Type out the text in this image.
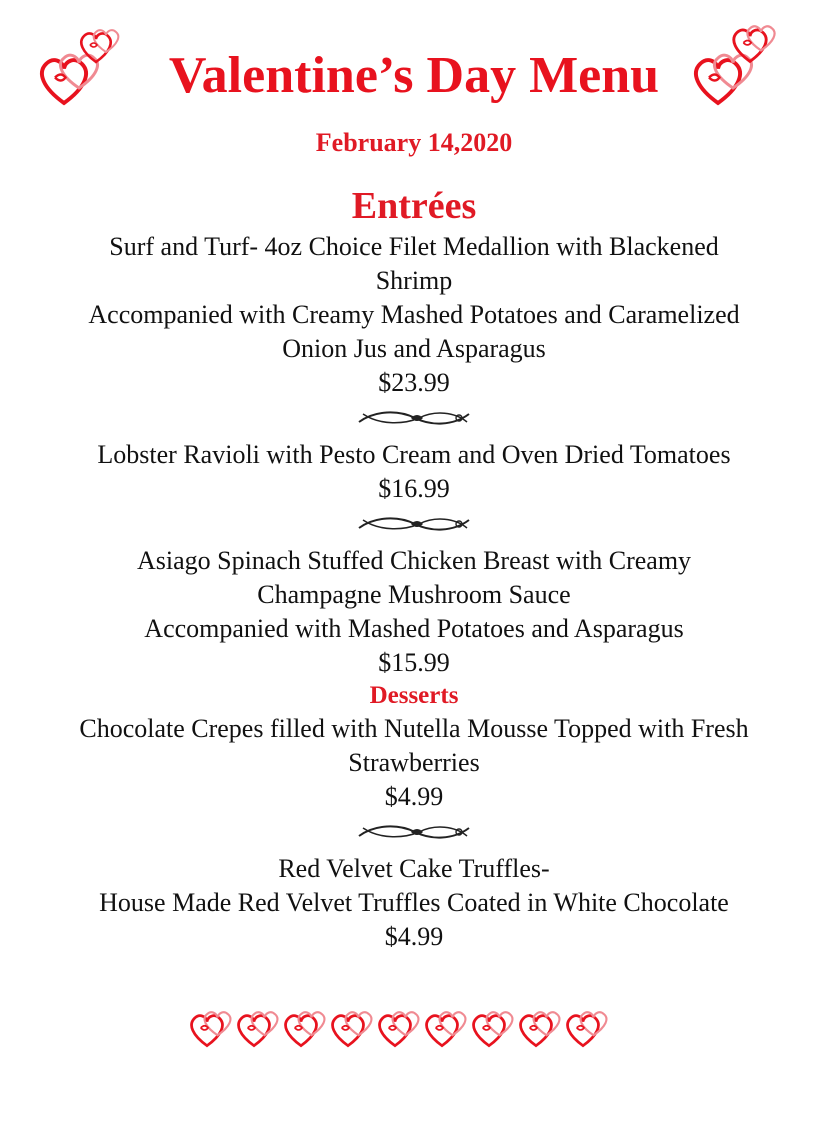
Valentine’s Day Menu

February 14,2020

Entrées

Surf and Turf- 4oz Choice Filet Medallion with Blackened

Shrimp

Accompanied with Creamy Mashed Potatoes and Caramelized

Onion Jus and Asparagus

$23.99

Lobster Ravioli with Pesto Cream and Oven Dried Tomatoes

$16.99

Asiago Spinach Stuffed Chicken Breast with Creamy

Champagne Mushroom Sauce

Accompanied with Mashed Potatoes and Asparagus

$15.99

Desserts

Chocolate Crepes filled with Nutella Mousse Topped with Fresh

Strawberries

$4.99

Red Velvet Cake Truffles-

House Made Red Velvet Truffles Coated in White Chocolate

$4.99
